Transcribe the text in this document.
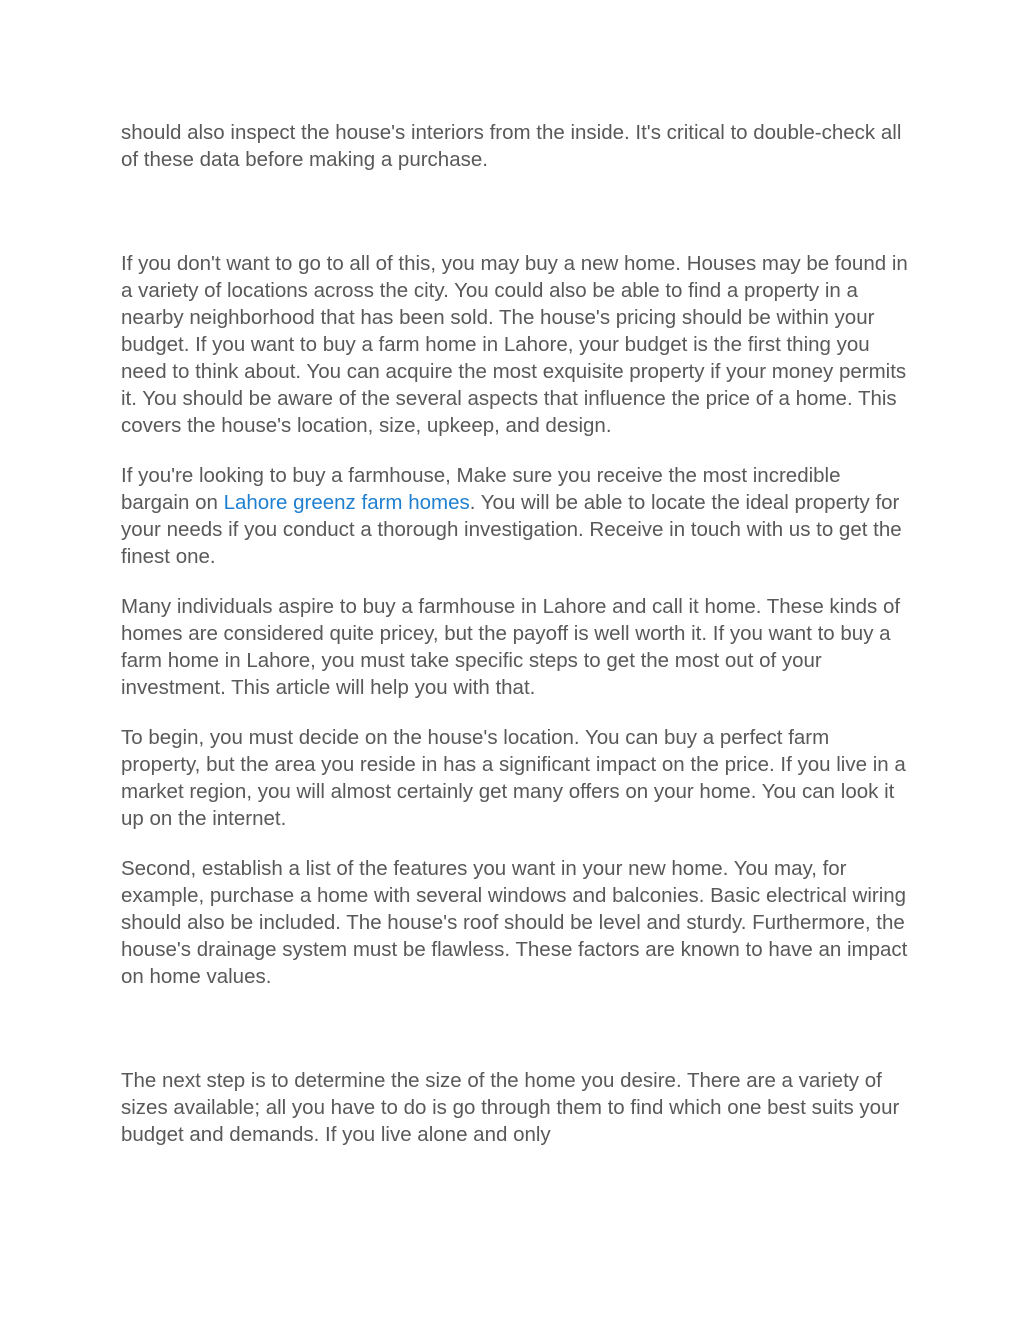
should also inspect the house's interiors from the inside. It's critical to double-check all of these data before making a purchase.

If you don't want to go to all of this, you may buy a new home. Houses may be found in a variety of locations across the city. You could also be able to find a property in a nearby neighborhood that has been sold. The house's pricing should be within your budget. If you want to buy a farm home in Lahore, your budget is the first thing you need to think about. You can acquire the most exquisite property if your money permits it. You should be aware of the several aspects that influence the price of a home. This covers the house's location, size, upkeep, and design.

If you're looking to buy a farmhouse, Make sure you receive the most incredible bargain on Lahore greenz farm homes. You will be able to locate the ideal property for your needs if you conduct a thorough investigation. Receive in touch with us to get the finest one.

Many individuals aspire to buy a farmhouse in Lahore and call it home. These kinds of homes are considered quite pricey, but the payoff is well worth it. If you want to buy a farm home in Lahore, you must take specific steps to get the most out of your investment. This article will help you with that.

To begin, you must decide on the house's location. You can buy a perfect farm property, but the area you reside in has a significant impact on the price. If you live in a market region, you will almost certainly get many offers on your home. You can look it up on the internet.

Second, establish a list of the features you want in your new home. You may, for example, purchase a home with several windows and balconies. Basic electrical wiring should also be included. The house's roof should be level and sturdy. Furthermore, the house's drainage system must be flawless. These factors are known to have an impact on home values.

The next step is to determine the size of the home you desire. There are a variety of sizes available; all you have to do is go through them to find which one best suits your budget and demands. If you live alone and only
